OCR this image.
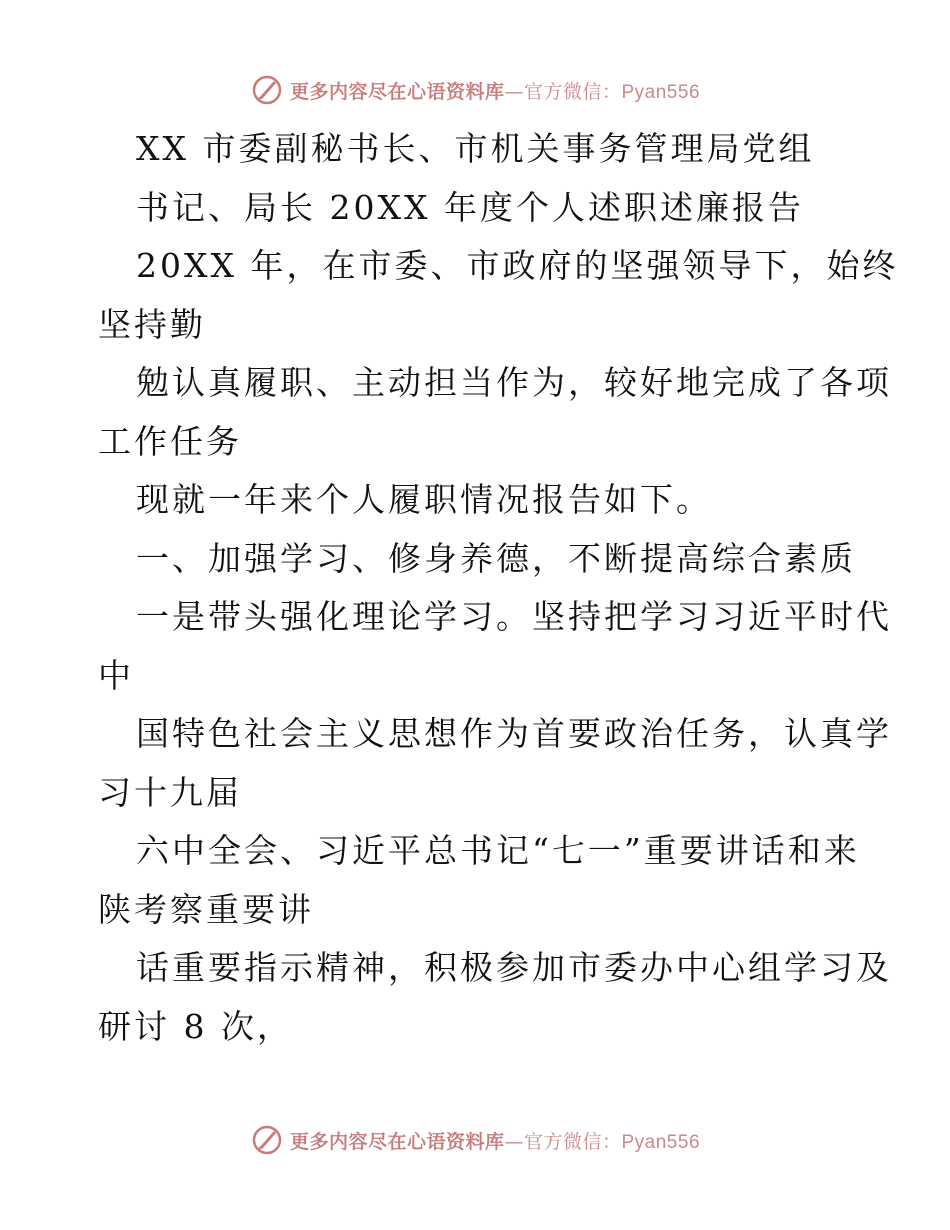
更多内容尽在心语资料库—官方微信：Pyan556
XX 市委副秘书长、市机关事务管理局党组
书记、局长 20XX 年度个人述职述廉报告
20XX 年，在市委、市政府的坚强领导下，始终
坚持勤
勉认真履职、主动担当作为，较好地完成了各项
工作任务
现就一年来个人履职情况报告如下。
一、加强学习、修身养德，不断提高综合素质
一是带头强化理论学习。坚持把学习习近平时代
中
国特色社会主义思想作为首要政治任务，认真学
习十九届
六中全会、习近平总书记“七一”重要讲话和来
陕考察重要讲
话重要指示精神，积极参加市委办中心组学习及
研讨 8 次，
更多内容尽在心语资料库—官方微信：Pyan556
